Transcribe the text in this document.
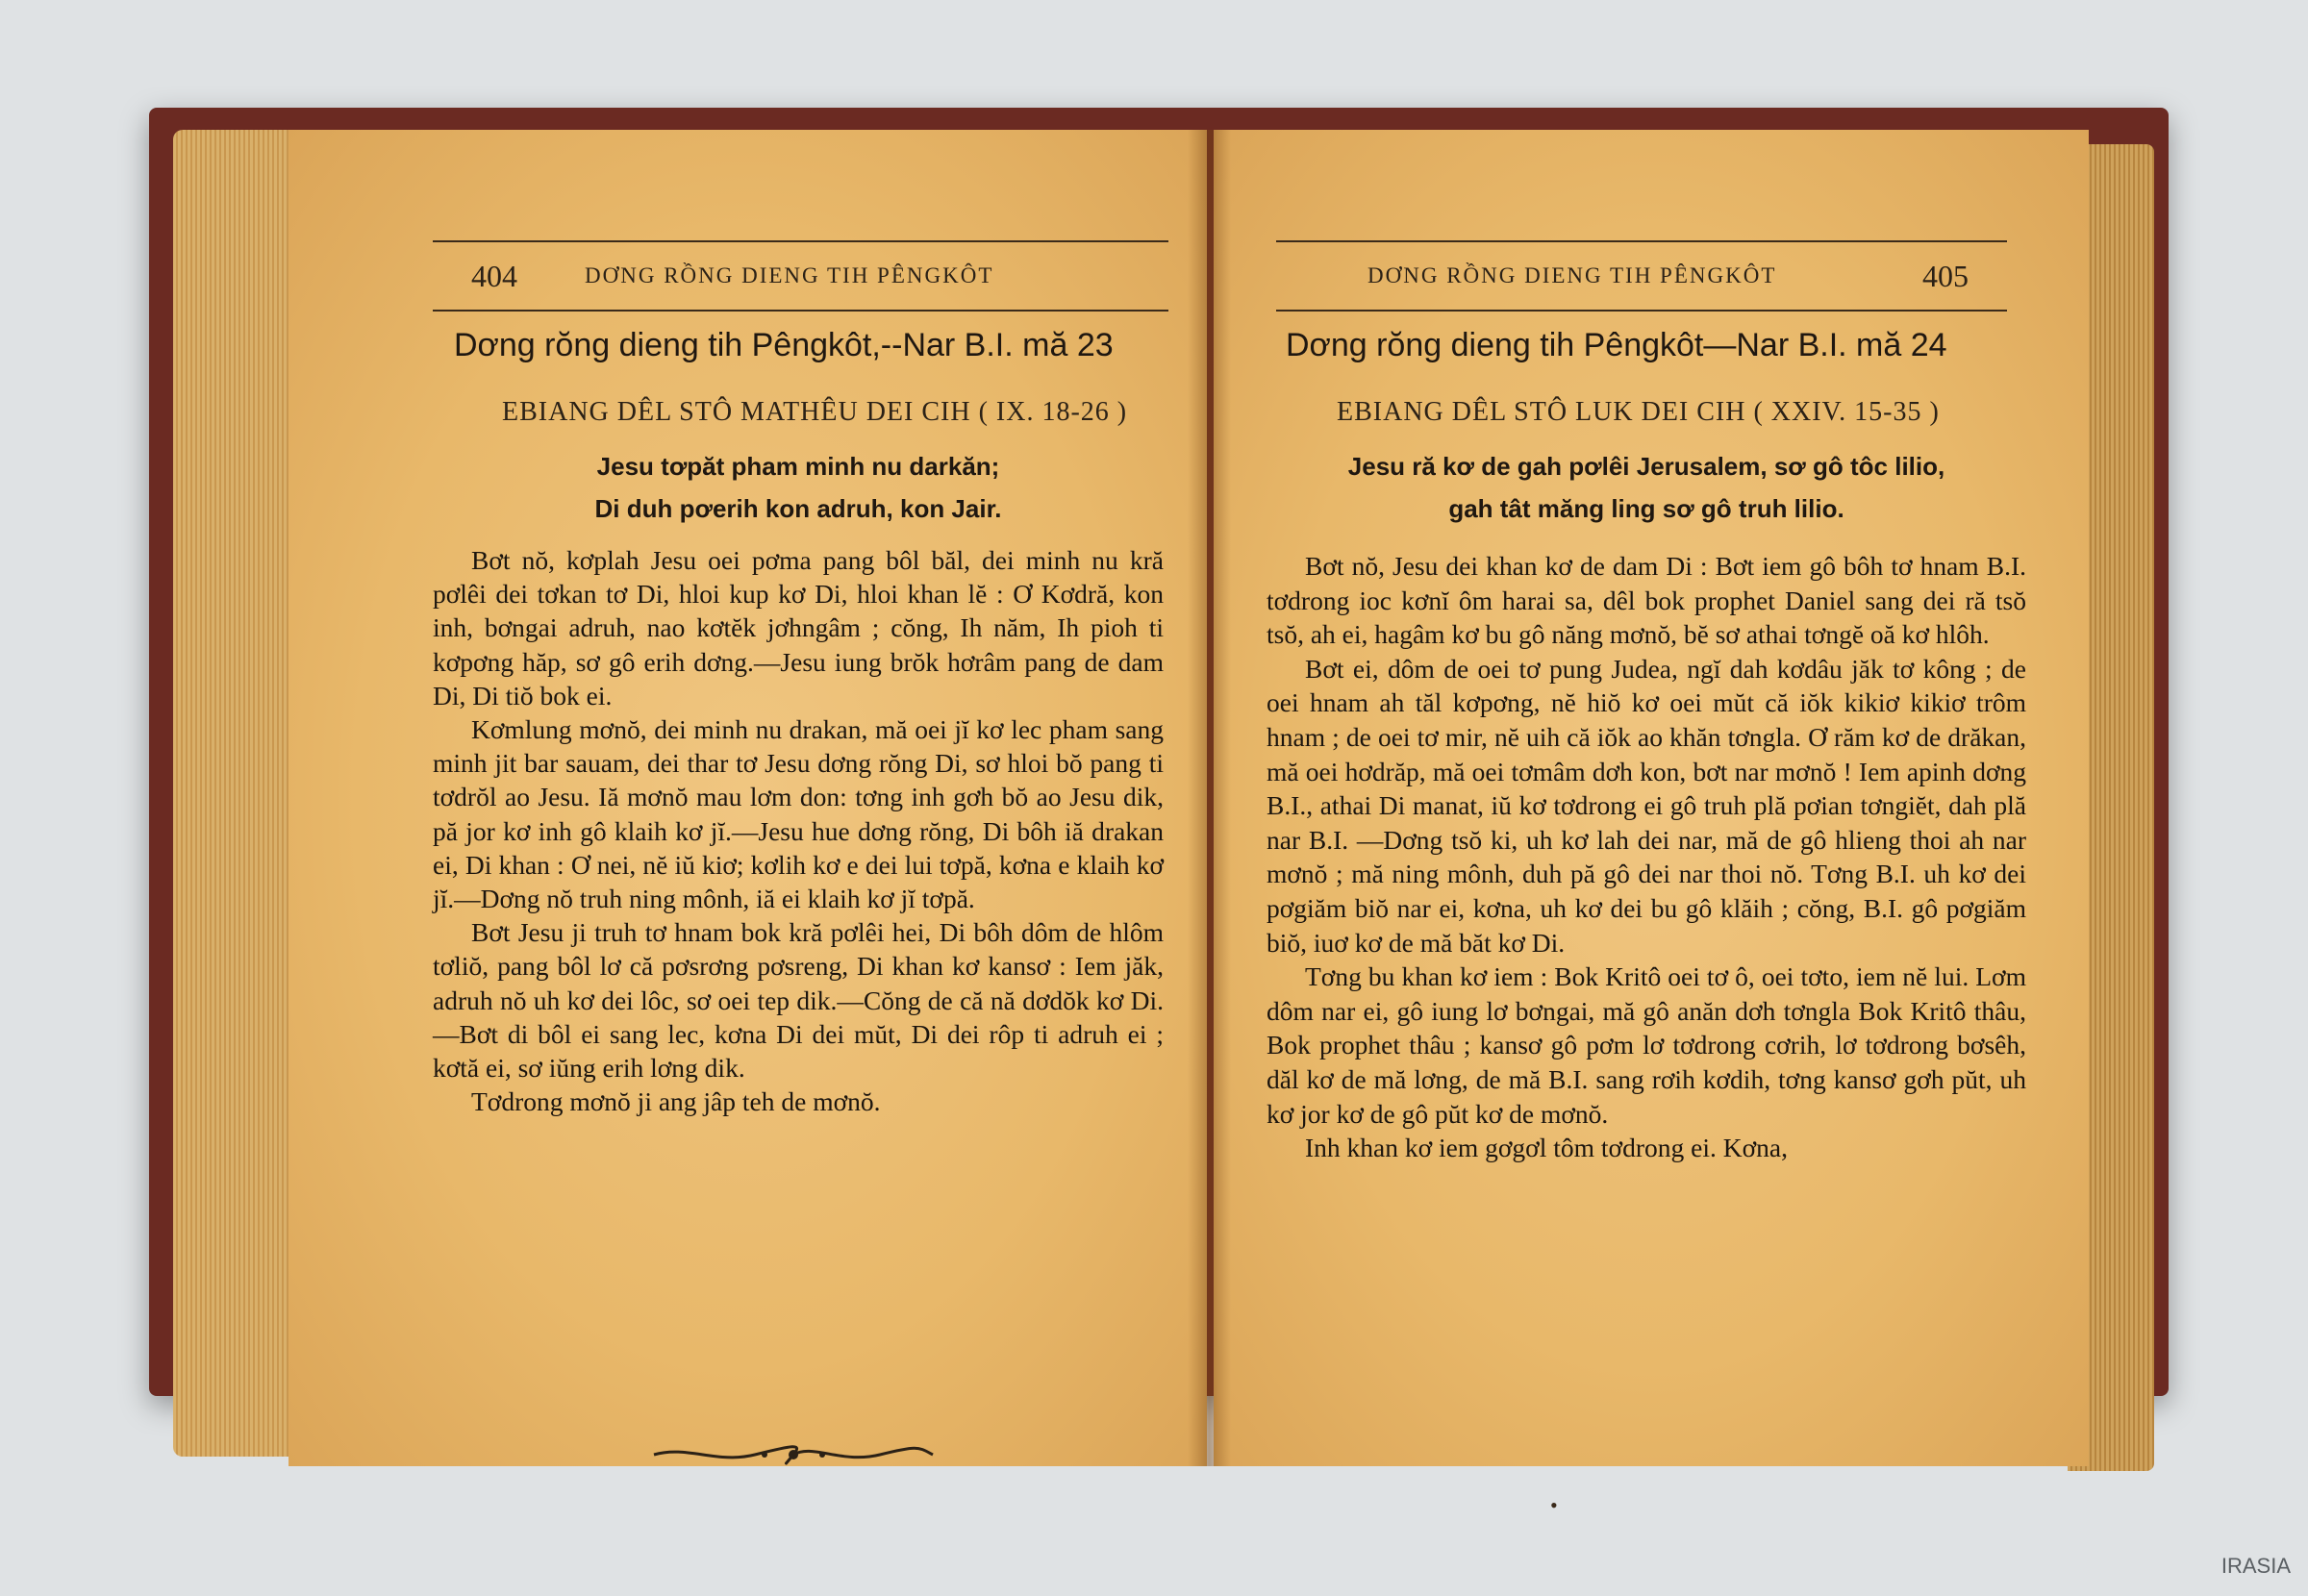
404	DƠNG RỒNG DIENG TIH PÊNGKÔT
Dơng rŏng dieng tih Pêngkôt,--Nar B.I. mă 23
EBIANG DÊL STÔ MATHÊU DEI CIH ( IX. 18-26 )
Jesu tơpăt pham minh nu darkăn;
Di duh pơerih kon adruh, kon Jair.

Bơt nŏ, kơplah Jesu oei pơma pang bôl băl, dei minh nu kră pơlêi dei tơkan tơ Di, hloi kup kơ Di, hloi khan lĕ : Ơ Kơdră, kon inh, bơngai adruh, nao kơtĕk jơhngâm ; cŏng, Ih năm, Ih pioh ti kơpơng hăp, sơ gô erih dơng.—Jesu iung brŏk hơrâm pang de dam Di, Di tiŏ bok ei.

Kơmlung mơnŏ, dei minh nu drakan, mă oei jĭ kơ lec pham sang minh jit bar sauam, dei thar tơ Jesu dơng rŏng Di, sơ hloi bŏ pang ti tơdrŏl ao Jesu. Iă mơnŏ mau lơm don: tơng inh gơh bŏ ao Jesu dik, pă jor kơ inh gô klaih kơ jĭ.—Jesu hue dơng rŏng, Di bôh iă drakan ei, Di khan : Ơ nei, nĕ iŭ kiơ; kơlih kơ e dei lui tơpă, kơna e klaih kơ jĭ.—Dơng nŏ truh ning mônh, iă ei klaih kơ jĭ tơpă.

Bơt Jesu ji truh tơ hnam bok kră pơlêi hei, Di bôh dôm de hlôm tơliŏ, pang bôl lơ că pơsrơng pơsreng, Di khan kơ kansơ : Iem jăk, adruh nŏ uh kơ dei lôc, sơ oei tep dik.—Cŏng de că nă dơdŏk kơ Di.—Bơt di bôl ei sang lec, kơna Di dei mŭt, Di dei rôp ti adruh ei ; kơtă ei, sơ iŭng erih lơng dik.

Tơdrong mơnŏ ji ang jâp teh de mơnŏ.

DƠNG RỒNG DIENG TIH PÊNGKÔT	405
Dơng rŏng dieng tih Pêngkôt—Nar B.I. mă 24
EBIANG DÊL STÔ LUK DEI CIH ( XXIV. 15-35 )
Jesu ră kơ de gah pơlêi Jerusalem, sơ gô tôc lilio,
gah tât măng ling sơ gô truh lilio.

Bơt nŏ, Jesu dei khan kơ de dam Di : Bơt iem gô bôh tơ hnam B.I. tơdrong ioc kơnĭ ôm harai sa, dêl bok prophet Daniel sang dei ră tsŏ tsŏ, ah ei, hagâm kơ bu gô năng mơnŏ, bĕ sơ athai tơngĕ oă kơ hlôh.

Bơt ei, dôm de oei tơ pung Judea, ngĭ dah kơdâu jăk tơ kông ; de oei hnam ah tăl kơpơng, nĕ hiŏ kơ oei mŭt că iŏk kikiơ kikiơ trôm hnam ; de oei tơ mir, nĕ uih că iŏk ao khăn tơngla. Ơ răm kơ de drăkan, mă oei hơdrăp, mă oei tơmâm dơh kon, bơt nar mơnŏ ! Iem apinh dơng B.I., athai Di manat, iŭ kơ tơdrong ei gô truh plă pơian tơngiĕt, dah plă nar B.I. —Dơng tsŏ ki, uh kơ lah dei nar, mă de gô hlieng thoi ah nar mơnŏ ; mă ning mônh, duh pă gô dei nar thoi nŏ. Tơng B.I. uh kơ dei pơgiăm biŏ nar ei, kơna, uh kơ dei bu gô klăih ; cŏng, B.I. gô pơgiăm biŏ, iuơ kơ de mă băt kơ Di.

Tơng bu khan kơ iem : Bok Kritô oei tơ ô, oei tơto, iem nĕ lui. Lơm dôm nar ei, gô iung lơ bơngai, mă gô anăn dơh tơngla Bok Kritô thâu, Bok prophet thâu ; kansơ gô pơm lơ tơdrong cơrih, lơ tơdrong bơsêh, dăl kơ de mă lơng, de mă B.I. sang rơih kơdih, tơng kansơ gơh pŭt, uh kơ jor kơ de gô pŭt kơ de mơnŏ.

Inh khan kơ iem gơgơl tôm tơdrong ei. Kơna,

•
IRASIA
